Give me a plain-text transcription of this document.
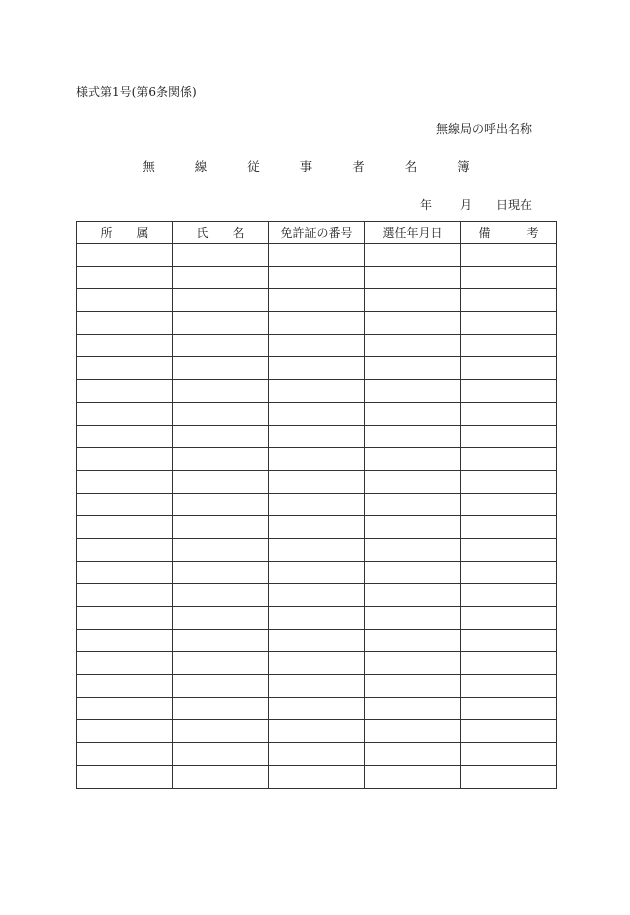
様式第1号(第6条関係)
無線局の呼出名称
無 線 従 事 者 名 簿
年	月	日現在
所　　属	氏　　名	免許証の番号	選任年月日	備　　　考
